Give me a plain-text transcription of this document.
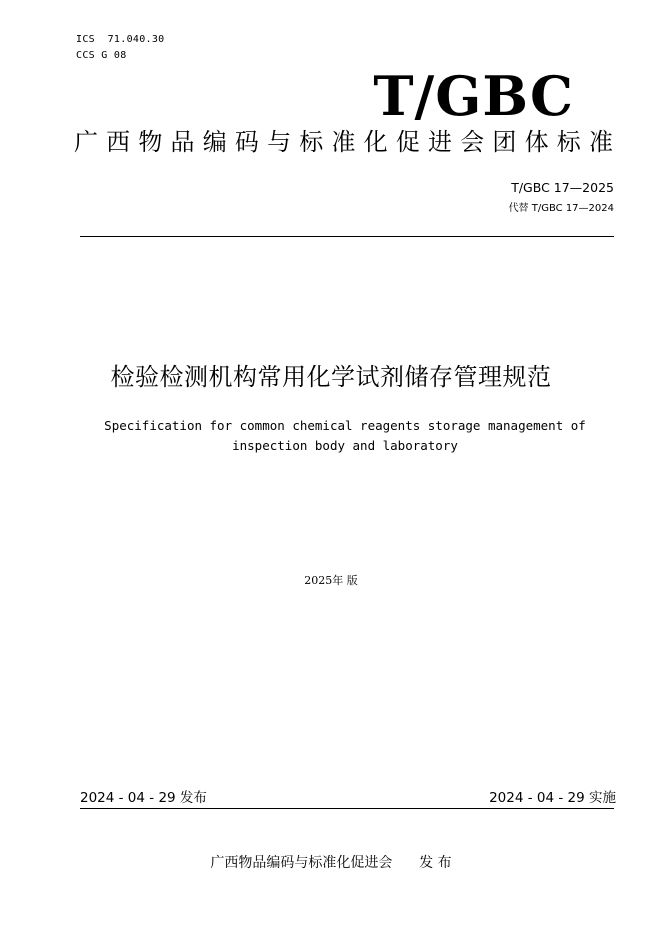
ICS  71.040.30
CCS G 08
T/GBC
广西物品编码与标准化促进会团体标准
T/GBC 17—2025
代替 T/GBC 17—2024
检验检测机构常用化学试剂储存管理规范
Specification for common chemical reagents storage management of
inspection body and laboratory
2025年 版
2024 - 04 - 29 发布	2024 - 04 - 29 实施
广西物品编码与标准化促进会 发 布
